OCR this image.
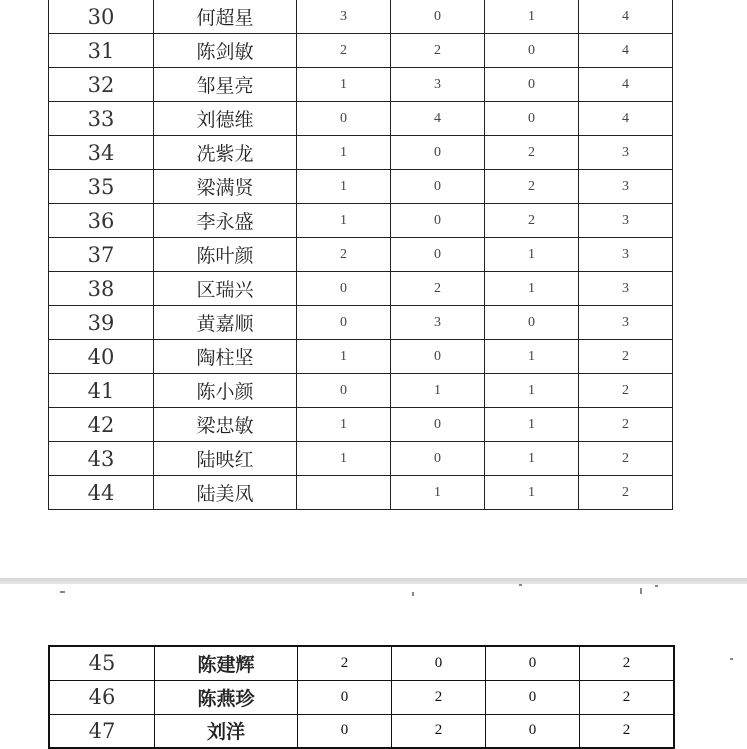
30	何超星	3	0	1	4
31	陈剑敏	2	2	0	4
32	邹星亮	1	3	0	4
33	刘德维	0	4	0	4
34	冼紫龙	1	0	2	3
35	梁满贤	1	0	2	3
36	李永盛	1	0	2	3
37	陈叶颜	2	0	1	3
38	区瑞兴	0	2	1	3
39	黄嘉顺	0	3	0	3
40	陶柱坚	1	0	1	2
41	陈小颜	0	1	1	2
42	梁忠敏	1	0	1	2
43	陆映红	1	0	1	2
44	陆美凤		1	1	2
45	陈建辉	2	0	0	2
46	陈燕珍	0	2	0	2
47	刘洋	0	2	0	2
